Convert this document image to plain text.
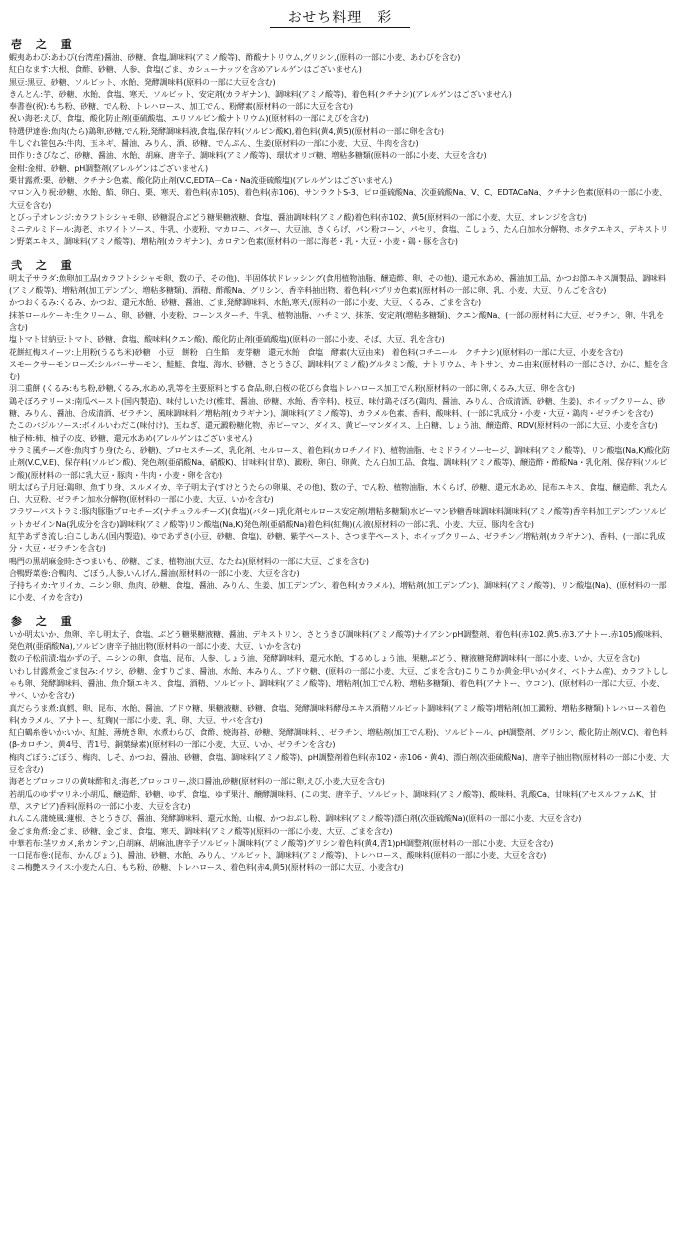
おせち料理　彩
壱 之 重
蝦夷あわび:あわび(台湾産)醤油、砂糖、食塩,調味料(アミノ酸等)、酢酸ナトリウム,グリシン,(原料の一部に小麦、あわびを含む)
紅白なます:大根、食酢、砂糖、人参、食塩(ごま、カシューナッツを含めアレルゲンはございません)
黒豆:黒豆、砂糖、ソルビット、水飴、発酵調味料(原料の一部に大豆を含む)
きんとん:芋、砂糖、水飴、食塩、寒天、ソルビット、安定剤(カラギナン)、調味料(アミノ酸等)、着色料(クチナシ)(アレルゲンはございません)
奉書巻(祝):もち粉、砂糖、でん粉、トレハロース、加工でん、粉酵素(原材料の一部に大豆を含む)
祝い海老:えび、食塩、酸化防止剤(亜硫酸塩、エリソルビン酸ナトリウム)(原材料の一部にえびを含む)
特選伊達巻:魚肉(たら)鶏卵,砂糖,でん粉,発酵調味料液,食塩,保存料(ソルビン酸K),着色料(黄4,黄5)(原材料の一部に卵を含む)
牛しぐれ笹包み:牛肉、玉ネギ、醤油、みりん、酒、砂糖、でんぷん、生姜(原材料の一部に小麦、大豆、牛肉を含む)
田作り:きびなご、砂糖、醤油、水飴、胡麻、唐辛子、調味料(アミノ酸等)、環状オリゴ糖、増粘多糖類(原料の一部に小麦、大豆を含む)
金柑:金柑、砂糖、pH調整剤(アレルゲンはございません)
栗甘露煮:栗、砂糖、クチナシ色素、酸化防止剤(V.C,EDTA－Ca・Na流亜硫酸塩)(アレルゲンはございません)
マロン入り祝:砂糖、水飴、餡、卵白、栗、寒天、着色料(赤105)、着色料(赤106)、サンラクトS-3、ピロ亜硫酸Na、次亜硫酸Na、V、C、EDTACaNa、クチナシ色素(原料の一部に小麦、大豆を含む)
とびっ子オレンジ:カラフトシシャモ卵、砂糖混合ぶどう糖果糖液糖、食塩、醤油調味料(アミノ酸)着色料(赤102、黄5(原材料の一部に小麦、大豆、オレンジを含む)
ミニテルミドール:海老、ホワイトソース、牛乳、小麦粉、マカロニ、バター、大豆油、きくらげ、パン粉コーン、パセリ、食塩、こしょう、たん白加水分解物、ホタテエキス、デキストリン野菜エキス、調味料(アミノ酸等)、増粘剤(カラギナン)、カロテン色素(原材料の一部に海老・乳・大豆・小麦・鶏・豚を含む)
弐 之 重
明太子サラダ:魚卵加工品(カラフトシシャモ卵、数の子、その他)、半固体状ドレッシング(食用植物油脂、醸造酢、卵、その他)、還元水あめ、醤油加工品、かつお節エキス調製品、調味料(アミノ酸等)、増粘剤(加工デンプン、増粘多糖類)、酒精、酢酸Na、グリシン、香辛料抽出物、着色料(パプリカ色素)(原材料の一部に卵、乳、小麦、大豆、りんごを含む)
かつおくるみ:くるみ、かつお、還元水飴、砂糖、醤油、ごま,発酵調味料、水飴,寒天,(原料の一部に小麦、大豆、くるみ、ごまを含む)
抹茶ロールケーキ:生クリーム、卵、砂糖、小麦粉、コーンスターチ、牛乳、植物油脂、ハチミツ、抹茶、安定剤(増粘多糖類)、クエン酸Na、(一部の原材料に大豆、ゼラチン、卵、牛乳を含む)
塩トマト甘納豆:トマト、砂糖、食塩、酸味料(クエン酸)、酸化防止剤(亜硫酸塩)(原料の一部に小麦、そば、大豆、乳を含む)
花餅紅梅スイーツ:上用粉(うるち米)砂糖　小豆　餅粉　白生餡　麦芽糖　還元水飴　食塩　酵素(大豆由来)　着色料(コチニール　クチナシ)(原材料の一部に大豆、小麦を含む)
スモークサーモンローズ:シルバーサーモン、鮭鮭、食塩、海水、砂糖、さとうきび、調味料(アミノ酸)グルタミン酸、ナトリウム、キトサン、カニ由来(原材料の一部にさけ、かに、鮭を含む)
羽二重餅 (くるみ:もち粉,砂糖,くるみ,水あめ,乳等を主要原料とする食品,卵,白桜の花びら食塩トレハロース加工でん粉(原材料の一部に卵,くるみ,大豆、卵を含む)
鶏そぼろテリーヌ:南瓜ペースト(国内製造)、味付しいたけ(椎茸、醤油、砂糖、水飴、香辛料)、枝豆、味付鶏そぼろ(鶏肉、醤油、みりん、合成清酒、砂糖、生姜)、ホイップクリーム、砂糖、みりん、醤油、合成清酒、ゼラチン、風味調味料／増粘剤(カラギナン)、調味料(アミノ酸等)、カラメル色素、香料、酸味料、(一部に乳成分・小麦・大豆・鶏肉・ゼラチンを含む)
たこのバジルソース:ボイルいわだこ(味付け)、玉ねぎ、還元澱粉糖化物、赤ピーマン、ダイス、黄ピーマンダイス、上白糖、しょう油、醸造酢、RDV(原材料の一部に大豆、小麦を含む)
柚子柿:柿、柚子の皮、砂糖、還元水あめ(アレルゲンはございません)
サラミ風チーズ巻:魚肉すり身(たら、砂糖)、プロセスチーズ、乳化剤、セルロース、着色料(カロチノイド)、植物油脂、セミドライソーセージ、調味料(アミノ酸等)、リン酸塩(Na,K)酸化防止剤(V.C,V.E)、保存料(ソルビン酸)、発色剤(亜硝酸Na、硝酸K)、甘味料(甘草)、澱粉、卵白、卵黄、たん白加工品、食塩、調味料(アミノ酸等)、醸造酢・酢酸Na・乳化剤、保存料(ソルビン酸)(原材料の一部に乳大豆・豚肉・牛肉・小麦・卵を含む)
明太ばら子月冠:鶏卵、魚すり身、スルメイカ、辛子明太子(すけとうたらの卵巣、その他)、数の子、でん粉、植物油脂、木くらげ、砂糖、還元水あめ、昆布エキス、食塩、醸造酢、乳たん白、大豆粉、ゼラチン加水分解物(原材料の一部に小麦、大豆、いかを含む)
フラワーパストラミ:豚肉豚脂プロセチーズ(ナチュラルチーズ)(食塩)(バター)乳化剤セルロース安定剤(増粘多糖類)水ビーマン砂糖香味調味料調味料(アミノ酸等)香辛料加工デンプンソルビットカゼインNa(乳成分を含む)調味料(アミノ酸等)リン酸塩(Na,K)発色剤(亜硝酸Na)着色料(紅麹)(ん液(原材料の一部に乳、小麦、大豆、豚肉を含む)
紅芋あずき流し:白こしあん(国内製造)、ゆであずき(小豆、砂糖、食塩)、砂糖、紫芋ペースト、さつま芋ペースト、ホイップクリーム、ゼラチン／増粘剤(カラギナン)、香料、(一部に乳成分・大豆・ゼラチンを含む)
鳴門の黒胡麻金時:さつまいも、砂糖、ごま、植物油(大豆、なたね)(原材料の一部に大豆、ごまを含む)
合鴨野菜巻:合鴨肉、ごぼう,人参,いんげん,醤油(原材料の一部に小麦、大豆を含む)
子持ちイカ:ヤリイカ、ニシン卵、魚肉、砂糖、食塩、醤油、みりん、生姜、加工デンプン、着色料(カラメル)、増粘剤(加工デンプン)、調味料(アミノ酸等)、リン酸塩(Na)、(原材料の一部に小麦、イカを含む)
参 之 重
いか明太いか、魚卵、辛し明太子、食塩、ぶどう糖果糖液糖、醤油、デキストリン、さとうきび調味料(アミノ酸等)ナイアシンpH調整剤、着色料(赤102.黄5.赤3.アナトー.赤105)酸味料、発色剤(亜硝酸Na),ソルビン唐辛子抽出物(原材料の一部に小麦、大豆、いかを含む)
数の子松前漬:塩かずの子、ニシンの卵、食塩、昆布、人参、しょう油、発酵調味料、還元水飴、するめしょう油、果糖,ぶどう、糖液糖発酵調味料(一部に小麦、いか、大豆を含む)
いわし甘露煮金ごま包み:イワシ、砂糖、金すりごま、醤油、水飴、本みりん、ブドウ糖、(原料の一部に小麦、大豆、ごまを含む)こりこりか黄金:甲いか(タイ、ベトナム産)、カラフトししゃも卵、発酵調味料、醤油、魚介類エキス、食塩、酒精、ソルビット、調味料(アミノ酸等)、増粘剤(加工でん粉、増粘多糖類)、着色料(アナトー、ウコン)、(原材料の一部に大豆、小麦、サバ、いかを含む)
真だらうま煮:真鱈、卵、昆布、水飴、醤油、ブドウ糖、果糖液糖、砂糖、食塩、発酵調味料酵母エキス酒精ソルビット調味料(アミノ酸等)増粘剤(加工澱粉、増粘多糖類)トレハロース着色料(カラメル、アナトー、紅麹)(一部に小麦、乳、卵、大豆、サバを含む)
紅白鶴糸巻いか:いか、紅鮭、薄焼き卵、水煮わらび、食酢、焼海苔、砂糖、発酵調味料、、ゼラチン、増粘剤(加工でん粉)、ソルビトール、pH調整剤、グリシン、酸化防止剤(V.C)、着色料(β-カロチン、黄4号、青1号、銅葉緑素)(原材料の一部に小麦、大豆、いか、ゼラチンを含む)
梅肉ごぼう:ごぼう、梅肉、しそ、かつお、醤油、砂糖、食塩、調味料(アミノ酸等)、pH調整剤着色料(赤102・赤106・黄4)、漂白剤(次亜硫酸Na)、唐辛子抽出物(原材料の一部に小麦、大豆を含む)
海老とブロッコリの黄味酢和え:海老,ブロッコリー,淡口醤油,砂糖(原材料の一部に卵,えび,小麦,大豆を含む)
若胡瓜のゆずマリネ:小胡瓜、醸造酢、砂糖、ゆず、食塩、ゆず果汁、醸酵調味料、(この実、唐辛子、ソルビット、調味料(アミノ酸等)、酸味料、乳酸Ca、甘味料(アセスルファムK、甘草、ステビア)香料(原料の一部に小麦、大豆を含む)
れんこん蒲焼風:蓮根、さとうきび、醤油、発酵調味料、還元水飴、山椒、かつおぶし粉、調味料(アミノ酸等)漂白剤(次亜硫酸Na)(原料の一部に小麦、大豆を含む)
金ごま角煮:金ごま、砂糖、金ごま、食塩、寒天、調味料(アミノ酸等)(原料の一部に小麦、大豆、ごまを含む)
中華若布:茎ワカメ,糸カンテン,白胡麻、胡麻油,唐辛子ソルビット調味料(アミノ酸等)グリシン着色料(黄4,青1)pH調整剤(原材料の一部に小麦、大豆を含む)
一口昆布巻:(昆布、かんぴょう)、醤油、砂糖、水飴、みりん、ソルビット、調味料(アミノ酸等)、トレハロース、酸味料(原料の一部に小麦、大豆を含む)
ミニ梅艶スライス:小麦たん白、もち粉、砂糖、トレハロース、着色料(赤4,黄5)(原材料の一部に大豆、小麦含む)
